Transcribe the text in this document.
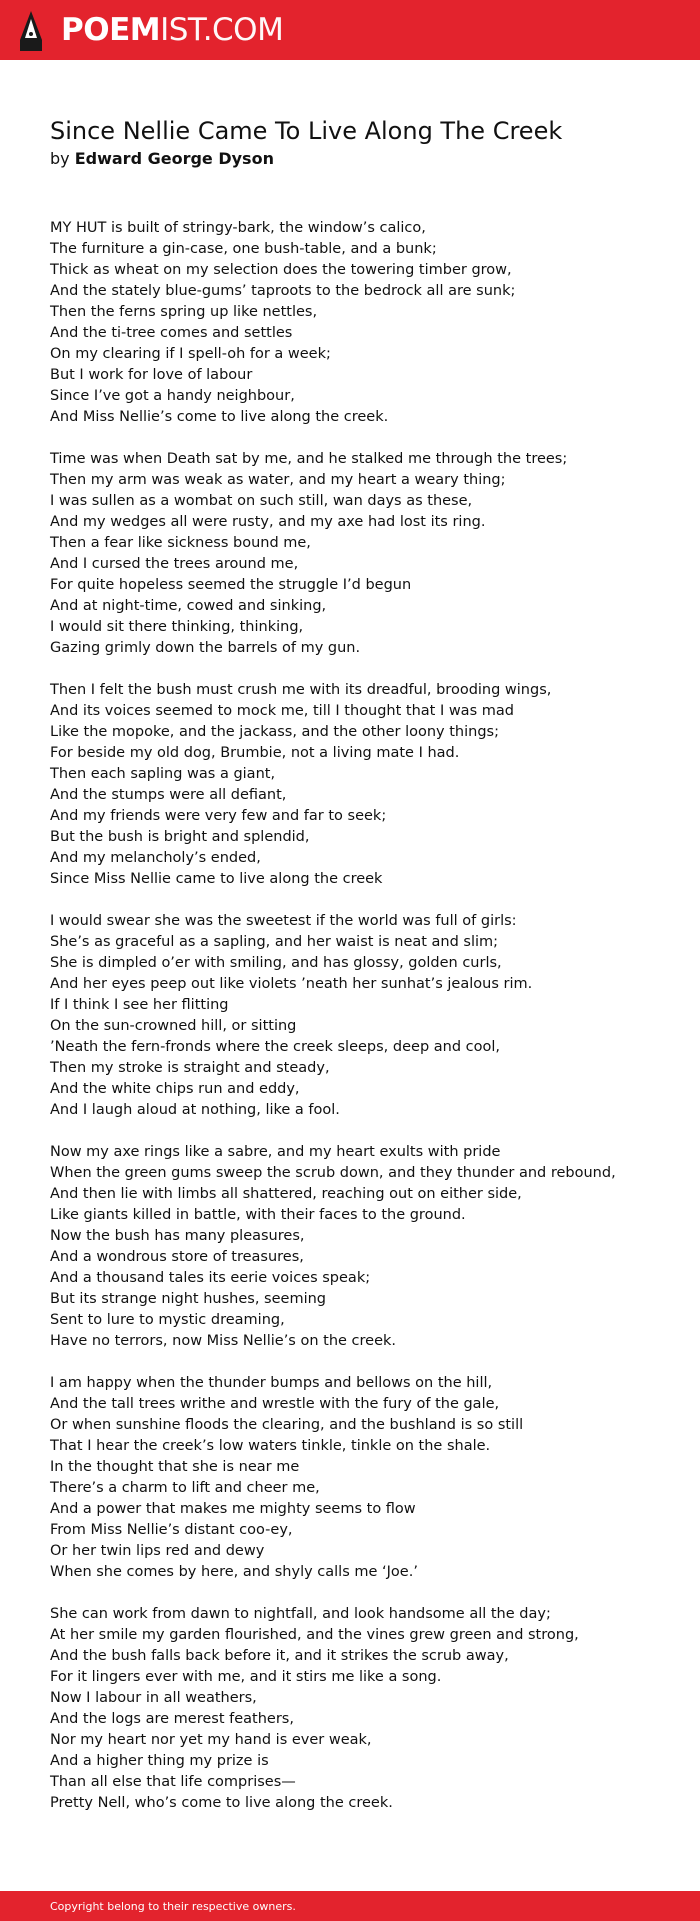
POEMIST.COM
Since Nellie Came To Live Along The Creek
by Edward George Dyson
MY HUT is built of stringy-bark, the window’s calico,
The furniture a gin-case, one bush-table, and a bunk;
Thick as wheat on my selection does the towering timber grow,
And the stately blue-gums’ taproots to the bedrock all are sunk;
Then the ferns spring up like nettles,
And the ti-tree comes and settles
On my clearing if I spell-oh for a week;
But I work for love of labour
Since I’ve got a handy neighbour,
And Miss Nellie’s come to live along the creek.
Time was when Death sat by me, and he stalked me through the trees;
Then my arm was weak as water, and my heart a weary thing;
I was sullen as a wombat on such still, wan days as these,
And my wedges all were rusty, and my axe had lost its ring.
Then a fear like sickness bound me,
And I cursed the trees around me,
For quite hopeless seemed the struggle I’d begun
And at night-time, cowed and sinking,
I would sit there thinking, thinking,
Gazing grimly down the barrels of my gun.
Then I felt the bush must crush me with its dreadful, brooding wings,
And its voices seemed to mock me, till I thought that I was mad
Like the mopoke, and the jackass, and the other loony things;
For beside my old dog, Brumbie, not a living mate I had.
Then each sapling was a giant,
And the stumps were all defiant,
And my friends were very few and far to seek;
But the bush is bright and splendid,
And my melancholy’s ended,
Since Miss Nellie came to live along the creek
I would swear she was the sweetest if the world was full of girls:
She’s as graceful as a sapling, and her waist is neat and slim;
She is dimpled o’er with smiling, and has glossy, golden curls,
And her eyes peep out like violets ’neath her sunhat’s jealous rim.
If I think I see her flitting
On the sun-crowned hill, or sitting
’Neath the fern-fronds where the creek sleeps, deep and cool,
Then my stroke is straight and steady,
And the white chips run and eddy,
And I laugh aloud at nothing, like a fool.
Now my axe rings like a sabre, and my heart exults with pride
When the green gums sweep the scrub down, and they thunder and rebound,
And then lie with limbs all shattered, reaching out on either side,
Like giants killed in battle, with their faces to the ground.
Now the bush has many pleasures,
And a wondrous store of treasures,
And a thousand tales its eerie voices speak;
But its strange night hushes, seeming
Sent to lure to mystic dreaming,
Have no terrors, now Miss Nellie’s on the creek.
I am happy when the thunder bumps and bellows on the hill,
And the tall trees writhe and wrestle with the fury of the gale,
Or when sunshine floods the clearing, and the bushland is so still
That I hear the creek’s low waters tinkle, tinkle on the shale.
In the thought that she is near me
There’s a charm to lift and cheer me,
And a power that makes me mighty seems to flow
From Miss Nellie’s distant coo-ey,
Or her twin lips red and dewy
When she comes by here, and shyly calls me ‘Joe.’
She can work from dawn to nightfall, and look handsome all the day;
At her smile my garden flourished, and the vines grew green and strong,
And the bush falls back before it, and it strikes the scrub away,
For it lingers ever with me, and it stirs me like a song.
Now I labour in all weathers,
And the logs are merest feathers,
Nor my heart nor yet my hand is ever weak,
And a higher thing my prize is
Than all else that life comprises—
Pretty Nell, who’s come to live along the creek.
Copyright belong to their respective owners.
